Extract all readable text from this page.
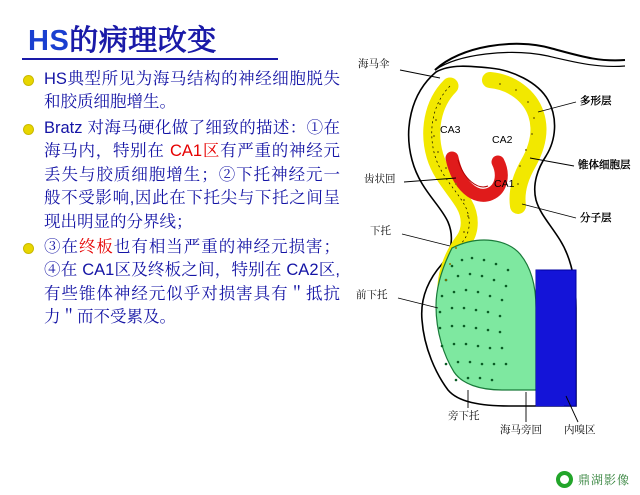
HS的病理改变
HS典型所见为海马结构的神经细胞脱失和胶质细胞增生。
Bratz 对海马硬化做了细致的描述：①在海马内，特别在 CA1区有严重的神经元丢失与胶质细胞增生；②下托神经元一般不受影响,因此在下托尖与下托之间呈现出明显的分界线；
③在终板也有相当严重的神经元损害；④在 CA1区及终板之间，特别在 CA2区,有些锥体神经元似乎对损害具有＂抵抗力＂而不受累及。
海马伞
齿状回
下托
前下托
多形层
锥体细胞层
分子层
旁下托
海马旁回 内嗅区
CA3
CA2
CA1
鼎湖影像
